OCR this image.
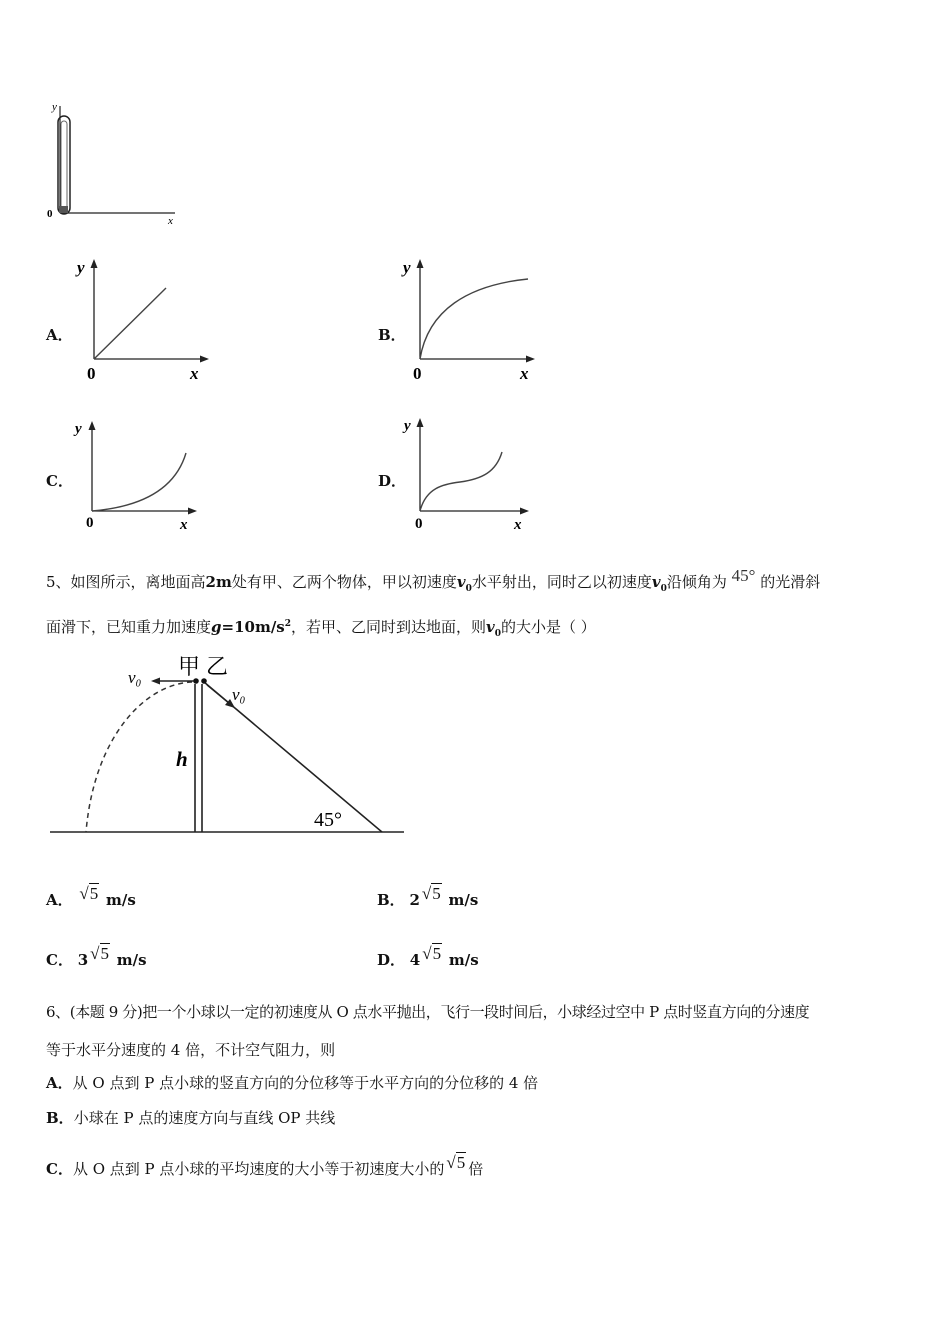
y
0
x
A．
y
0	x
B．
y
0	x
C．
y
0	x
D．
y
0	x
5、如图所示，离地面高2m处有甲、乙两个物体，甲以初速度$v_0$水平射出，同时乙以初速度$v_0$沿倾角为 45° 的光滑斜
面滑下，已知重力加速度$g=10m/s^2$，若甲、乙同时到达地面，则$v_0$的大小是（ ）
v₀ 甲 乙
v₀
h
45°
A． √5 m/s	B． 2 √5 m/s
C． 3 √5 m/s	D． 4 √5 m/s
6、(本题 9 分)把一个小球以一定的初速度从 O 点水平抛出，飞行一段时间后，小球经过空中 P 点时竖直方向的分速度
等于水平分速度的 4 倍，不计空气阻力，则
A．从 O 点到 P 点小球的竖直方向的分位移等于水平方向的分位移的 4 倍
B．小球在 P 点的速度方向与直线 OP 共线
C．从 O 点到 P 点小球的平均速度的大小等于初速度大小的 √5 倍
